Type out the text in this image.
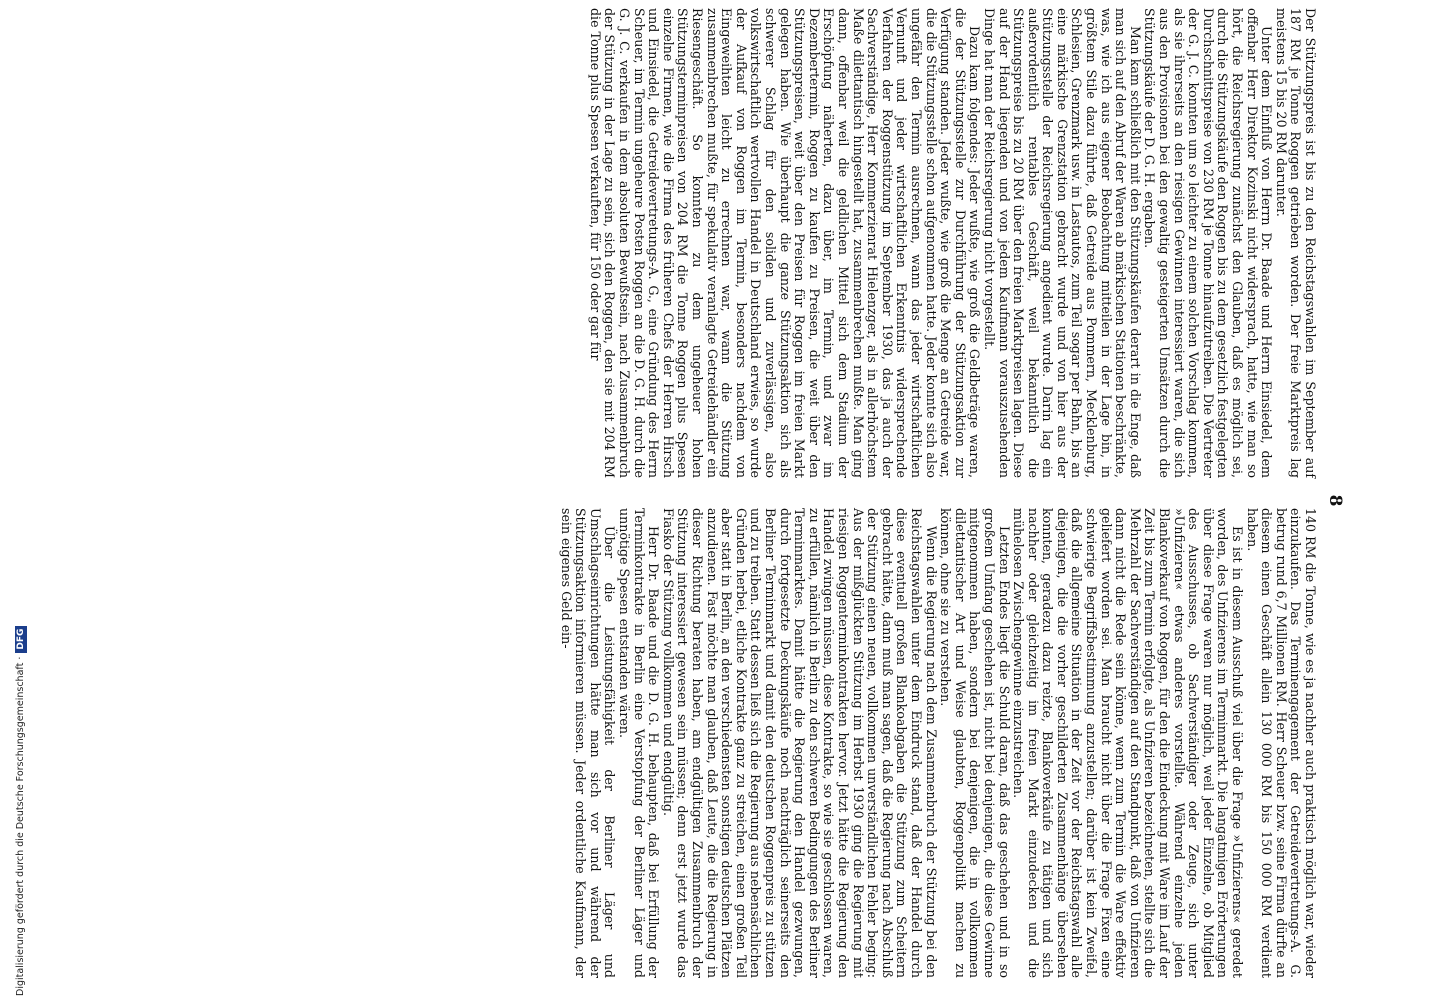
8

Der Stützungspreis ist bis zu den Reichstagswahlen im September auf 187 RM je Tonne Roggen getrieben worden. Der freie Marktpreis lag meistens 15 bis 20 RM darunter.

Unter dem Einfluß von Herrn Dr. Baade und Herrn Einsiedel, dem offenbar Herr Direktor Kozinski nicht widersprach, hatte, wie man so hört, die Reichsregierung zunächst den Glauben, daß es möglich sei, durch die Stützungskäufe den Roggen bis zu dem gesetzlich festgelegten Durchschnittspreise von 230 RM je Tonne hinaufzutreiben. Die Vertreter der G. J. C. konnten um so leichter zu einem solchen Vorschlag kommen, als sie ihrerseits an den riesigen Gewinnen interessiert waren, die sich aus den Provisionen bei den gewaltig gesteigerten Umsätzen durch die Stützungskäufe der D. G. H. ergaben.

Man kam schließlich mit den Stützungskäufen derart in die Enge, daß man sich auf den Abruf der Waren ab märkischen Stationen beschränkte, was, wie ich aus eigener Beobachtung mitteilen in der Lage bin, in größtem Stile dazu führte, daß Getreide aus Pommern, Mecklenburg, Schlesien, Grenzmark usw. in Lastautos, zum Teil sogar per Bahn, bis an eine märkische Grenzstation gebracht wurde und von hier aus der Stützungsstelle der Reichsregierung angedient wurde. Darin lag ein außerordentlich rentables Geschäft, weil bekanntlich die Stützungspreise bis zu 20 RM über den freien Marktpreisen lagen. Diese auf der Hand liegenden und von jedem Kaufmann vorauszusehenden Dinge hat man der Reichsregierung nicht vorgestellt.

Dazu kam folgendes: Jeder wußte, wie groß die Geldbeträge waren, die der Stützungsstelle zur Durchführung der Stützungsaktion zur Verfügung standen. Jeder wußte, wie groß die Menge an Getreide war, die die Stützungsstelle schon aufgenommen hatte. Jeder konnte sich also ungefähr den Termin ausrechnen, wann das jeder wirtschaftlichen Vernunft und jeder wirtschaftlichen Erkenntnis widersprechende Verfahren der Roggenstützung im September 1930, das ja auch der Sachverständige, Herr Kommerzienrat Hielenzger, als in allerhöchstem Maße dilettantisch hingestellt hat, zusammenbrechen mußte. Man ging dann, offenbar weil die geldlichen Mittel sich dem Stadium der Erschöpfung näherten, dazu über, im Termin, und zwar im Dezembertermin, Roggen zu kaufen zu Preisen, die weit über den Stützungspreisen, weit über den Preisen für Roggen im freien Markt gelegen haben. Wie überhaupt die ganze Stützungsaktion sich als schwerer Schlag für den soliden und zuverlässigen, also volkswirtschaftlich wertvollen Handel in Deutschland erwies, so wurde der Aufkauf von Roggen im Termin, besonders nachdem von Eingeweihten leicht zu errechnen war, wann die Stützung zusammenbrechen mußte, für spekulativ veranlagte Getreidehändler ein Riesengeschäft. So konnten zu dem ungeheuer hohen Stützungsterminpreisen von 204 RM die Tonne Roggen plus Spesen einzelne Firmen, wie die Firma des früheren Chefs der Herren Hirsch und Einsiedel, die Getreidevertretungs-A. G., eine Gründung des Herrn Scheuer, im Termin ungeheure Posten Roggen an die D. G. H. durch die G. J. C. verkaufen in dem absoluten Bewußtsein, nach Zusammenbruch der Stützung in der Lage zu sein, sich den Roggen, den sie mit 204 RM die Tonne plus Spesen verkauften, für 150 oder gar für

140 RM die Tonne, wie es ja nachher auch praktisch möglich war, wieder einzukaufen. Das Terminengagement der Getreidevertretungs-A. G. betrug rund 6,7 Millionen RM. Herr Scheuer bzw. seine Firma dürfte an diesem einen Geschäft allein 130 000 RM bis 150 000 RM verdient haben.

Es ist in diesem Ausschuß viel über die Frage »Unfizierens« geredet worden, des Unfizierens im Terminmarkt. Die langatmigen Erörterungen über diese Frage waren nur möglich, weil jeder Einzelne, ob Mitglied des Ausschusses, ob Sachverständiger oder Zeuge, sich unter »Unfizieren« etwas anderes vorstellte. Während einzelne jeden Blankoverkauf von Roggen, für den die Eindeckung mit Ware im Lauf der Zeit bis zum Termin erfolgte, als Unfizieren bezeichneten, stellte sich die Mehrzahl der Sachverständigen auf den Standpunkt, daß von Unfizieren dann nicht die Rede sein könne, wenn zum Termin die Ware effektiv geliefert worden sei. Man braucht nicht über die Frage Fixen eine schwierige Begriffsbestimmung anzustellen; darüber ist kein Zweifel, daß die allgemeine Situation in der Zeit vor der Reichstagswahl alle diejenigen, die die vorher geschilderten Zusammenhänge übersehen konnten, geradezu dazu reizte, Blankoverkäufe zu tätigen und sich nachher oder gleichzeitig im freien Markt einzudecken und die mühelosen Zwischengewinne einzustreichen.

Letzten Endes liegt die Schuld daran, daß das geschehen und in so großem Umfang geschehen ist, nicht bei denjenigen, die diese Gewinne mitgenommen haben, sondern bei denjenigen, die in vollkommen dilettantischer Art und Weise glaubten, Roggenpolitik machen zu können, ohne sie zu verstehen.

Wenn die Regierung nach dem Zusammenbruch der Stützung bei den Reichstagswahlen unter dem Eindruck stand, daß der Handel durch diese eventuell großen Blankoabgaben die Stützung zum Scheitern gebracht hätte, dann muß man sagen, daß die Regierung nach Abschluß der Stützung einen neuen, vollkommen unverständlichen Fehler beging: Aus der mißglückten Stützung im Herbst 1930 ging die Regierung mit riesigen Roggenterminkontrakten hervor. Jetzt hätte die Regierung den Handel zwingen müssen, diese Kontrakte, so wie sie geschlossen waren, zu erfüllen, nämlich in Berlin zu den schweren Bedingungen des Berliner Terminmarktes. Damit hätte die Regierung den Handel gezwungen, durch fortgesetzte Deckungskäufe noch nachträglich seinerseits den Berliner Terminmarkt und damit den deutschen Roggenpreis zu stützen und zu treiben. Statt dessen ließ sich die Regierung aus nebensächlichen Gründen herbei, etliche Kontrakte ganz zu streichen, einen großen Teil aber statt in Berlin, an den verschiedensten sonstigen deutschen Plätzen anzudienen. Fast möchte man glauben, daß Leute, die die Regierung in dieser Richtung beraten haben, am endgültigen Zusammenbruch der Stützung interessiert gewesen sein müssen; denn erst jetzt wurde das Fiasko der Stützung vollkommen und endgültig.

Herr Dr. Baade und die D. G. H. behaupten, daß bei Erfüllung der Terminkontrakte in Berlin eine Verstopfung der Berliner Läger und unnötige Spesen entstanden wären.

Über die Leistungsfähigkeit der Berliner Läger und Umschlagseinrichtungen hätte man sich vor und während der Stützungsaktion informieren müssen. Jeder ordentliche Kaufmann, der sein eigenes Geld ein-

Digitalisierung gefördert durch die Deutsche Forschungsgemeinschaft ·DFG
